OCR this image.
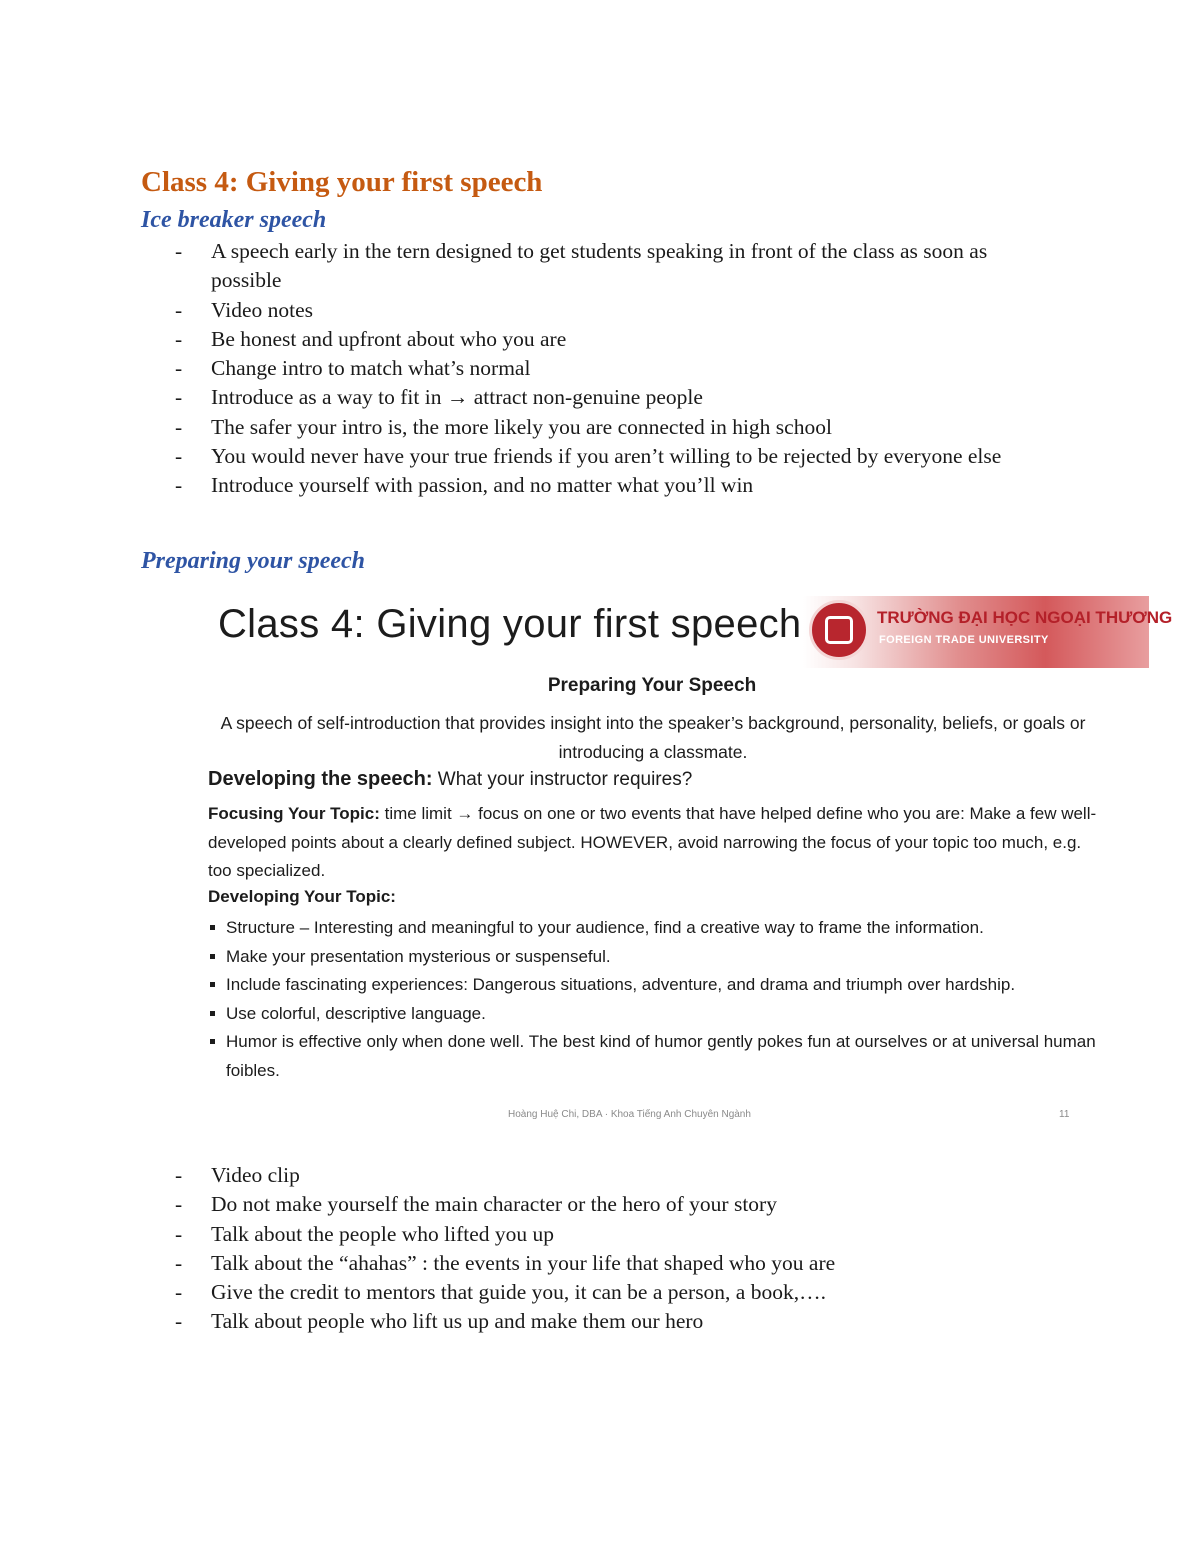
Class 4: Giving your first speech
Ice breaker speech
- A speech early in the tern designed to get students speaking in front of the class as soon as possible
- Video notes
- Be honest and upfront about who you are
- Change intro to match what’s normal
- Introduce as a way to fit in → attract non-genuine people
- The safer your intro is, the more likely you are connected in high school
- You would never have your true friends if you aren’t willing to be rejected by everyone else
- Introduce yourself with passion, and no matter what you’ll win
Preparing your speech
Class 4: Giving your first speech	TRƯỜNG ĐẠI HỌC NGOẠI THƯƠNG
FOREIGN TRADE UNIVERSITY
Preparing Your Speech
A speech of self-introduction that provides insight into the speaker’s background, personality, beliefs, or goals or introducing a classmate.
Developing the speech: What your instructor requires?
Focusing Your Topic: time limit → focus on one or two events that have helped define who you are: Make a few well-developed points about a clearly defined subject. HOWEVER, avoid narrowing the focus of your topic too much, e.g. too specialized.
Developing Your Topic:
Structure – Interesting and meaningful to your audience, find a creative way to frame the information.
Make your presentation mysterious or suspenseful.
Include fascinating experiences: Dangerous situations, adventure, and drama and triumph over hardship.
Use colorful, descriptive language.
Humor is effective only when done well. The best kind of humor gently pokes fun at ourselves or at universal human foibles.
Hoàng Huệ Chi, DBA · Khoa Tiếng Anh Chuyên Ngành	11
- Video clip
- Do not make yourself the main character or the hero of your story
- Talk about the people who lifted you up
- Talk about the “ahahas” : the events in your life that shaped who you are
- Give the credit to mentors that guide you, it can be a person, a book,….
- Talk about people who lift us up and make them our hero
